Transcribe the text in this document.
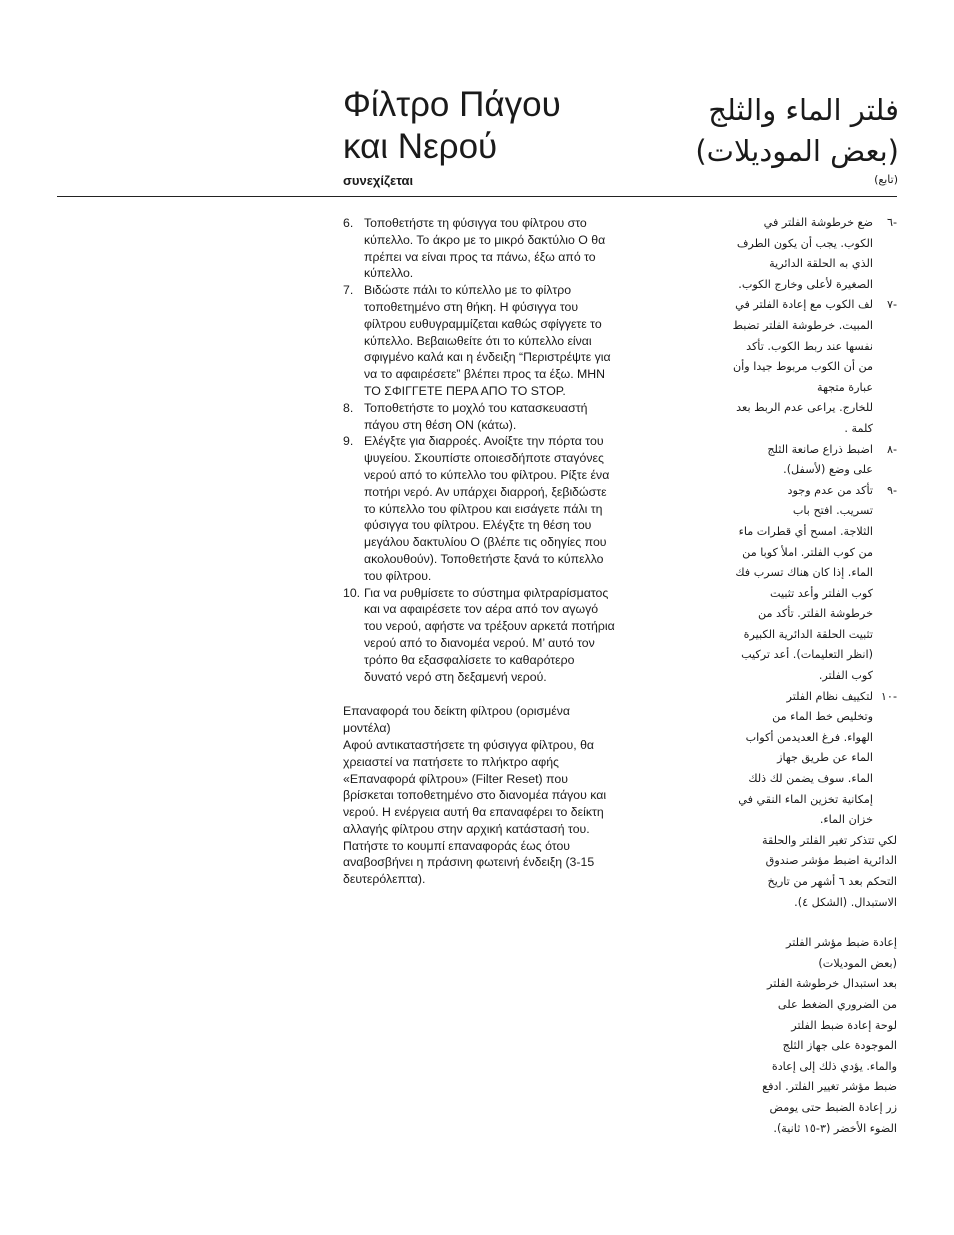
Φίλτρο Πάγου
και Νερού
συνεχίζεται
فلتر الماء والثلج
(بعض الموديلات)
(تابع)
6. Τοποθετήστε τη φύσιγγα του φίλτρου στο κύπελλο. Το άκρο με το μικρό δακτύλιο Ο θα πρέπει να είναι προς τα πάνω, έξω από το κύπελλο.
7. Βιδώστε πάλι το κύπελλο με το φίλτρο τοποθετημένο στη θήκη. Η φύσιγγα του φίλτρου ευθυγραμμίζεται καθώς σφίγγετε το κύπελλο. Βεβαιωθείτε ότι το κύπελλο είναι σφιγμένο καλά και η ένδειξη “Περιστρέψτε για να το αφαιρέσετε” βλέπει προς τα έξω. ΜΗΝ ΤΟ ΣΦΙΓΓΕΤΕ ΠΕΡΑ ΑΠΟ ΤΟ STOP.
8. Τοποθετήστε το μοχλό του κατασκευαστή πάγου στη θέση ON (κάτω).
9. Ελέγξτε για διαρροές. Ανοίξτε την πόρτα του ψυγείου. Σκουπίστε οποιεσδήποτε σταγόνες νερού από το κύπελλο του φίλτρου. Ρίξτε ένα ποτήρι νερό. Αν υπάρχει διαρροή, ξεβιδώστε το κύπελλο του φίλτρου και εισάγετε πάλι τη φύσιγγα του φίλτρου. Ελέγξτε τη θέση του μεγάλου δακτυλίου Ο (βλέπε τις οδηγίες που ακολουθούν). Τοποθετήστε ξανά το κύπελλο του φίλτρου.
10. Για να ρυθμίσετε το σύστημα φιλτραρίσματος και να αφαιρέσετε τον αέρα από τον αγωγό του νερού, αφήστε να τρέξουν αρκετά ποτήρια νερού από το διανομέα νερού. Μ’ αυτό τον τρόπο θα εξασφαλίσετε το καθαρότερο δυνατό νερό στη δεξαμενή νερού.

Επαναφορά του δείκτη φίλτρου (ορισμένα μοντέλα)

Αφού αντικαταστήσετε τη φύσιγγα φίλτρου, θα χρειαστεί να πατήσετε το πλήκτρο αφής «Επαναφορά φίλτρου» (Filter Reset) που βρίσκεται τοποθετημένο στο διανομέα πάγου και νερού. Η ενέργεια αυτή θα επαναφέρει το δείκτη αλλαγής φίλτρου στην αρχική κατάστασή του. Πατήστε το κουμπί επαναφοράς έως ότου αναβοσβήνει η πράσινη φωτεινή ένδειξη (3-15 δευτερόλεπτα).

-٦
ضع خرطوشة الفلتر في
الكوب. يجب أن يكون الطرف
الذي به الحلقة الدائرية
الصغيرة لأعلى وخارج الكوب.
-٧
لف الكوب مع إعادة الفلتر في
المبيت. خرطوشة الفلتر تضبط
نفسها عند ربط الكوب. تأكد
من أن الكوب مربوط جيدا وأن
عبارة متجهة
للخارج. يراعى عدم الربط بعد
كلمة .
-٨
اضبط ذراع صانعة الثلج
على وضع (لأسفل).
-٩
تأكد من عدم وجود
تسريب. افتح باب
الثلاجة. امسح أي قطرات ماء
من كوب الفلتر. املأ كوبا من
الماء. إذا كان هناك تسرب فك
كوب الفلتر وأعد تثبيت
خرطوشة الفلتر. تأكد من
تثبيت الحلقة الدائرية الكبيرة
(انظر التعليمات). أعد تركيب
كوب الفلتر.
-١٠
لتكييف نظام الفلتر
وتخليص خط الماء من
الهواء. فرغ العديدمن أكواب
الماء عن طريق جهاز
الماء. سوف يضمن لك ذلك
إمكانية تخزين الماء النقي في
خزان الماء.
لكي تتذكر تغير الفلتر والحلقة
الدائرية اضبط مؤشر صندوق
التحكم بعد ٦ أشهر من تاريخ
الاستبدال. (الشكل ٤).
إعادة ضبط مؤشر الفلتر
(بعض الموديلات)
بعد استبدال خرطوشة الفلتر
من الضروري الضغط على
لوحة إعادة ضبط الفلتر
الموجودة على جهاز الثلج
والماء. يؤدي ذلك إلى إعادة
ضبط مؤشر تغيير الفلتر. ادفع
زر إعادة الضبط حتى يومض
الضوء الأخضر (٣-١٥ ثانية).
